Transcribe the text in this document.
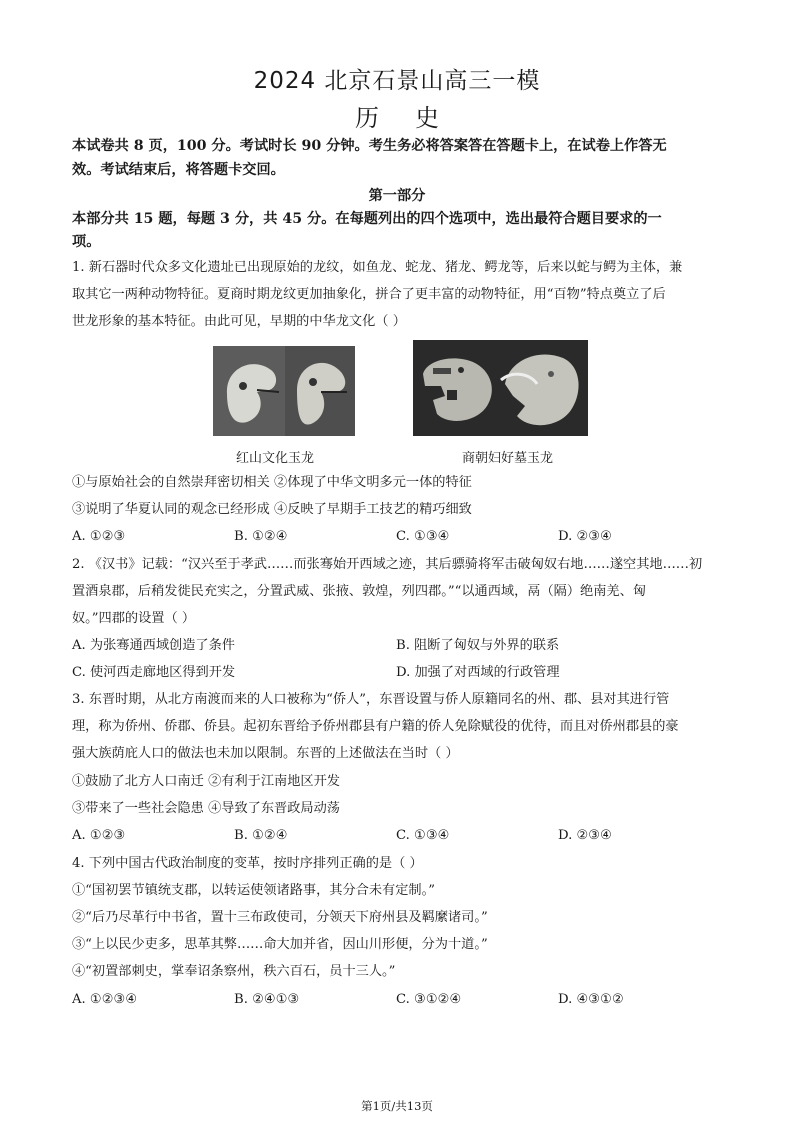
2024 北京石景山高三一模
历史
本试卷共 8 页，100 分。考试时长 90 分钟。考生务必将答案答在答题卡上，在试卷上作答无
效。考试结束后，将答题卡交回。
第一部分
本部分共 15 题，每题 3 分，共 45 分。在每题列出的四个选项中，选出最符合题目要求的一
项。
1. 新石器时代众多文化遗址已出现原始的龙纹，如鱼龙、蛇龙、猪龙、鳄龙等，后来以蛇与鳄为主体，兼
取其它一两种动物特征。夏商时期龙纹更加抽象化，拼合了更丰富的动物特征，用“百物”特点奠立了后
世龙形象的基本特征。由此可见，早期的中华龙文化（ ）
红山文化玉龙	商朝妇好墓玉龙
①与原始社会的自然崇拜密切相关 ②体现了中华文明多元一体的特征
③说明了华夏认同的观念已经形成 ④反映了早期手工技艺的精巧细致
A. ①②③	B. ①②④	C. ①③④	D. ②③④
2. 《汉书》记载：“汉兴至于孝武……而张骞始开西域之迹，其后骠骑将军击破匈奴右地……遂空其地……初
置酒泉郡，后稍发徙民充实之，分置武威、张掖、敦煌，列四郡。”“以通西域，鬲（隔）绝南羌、匈
奴。”四郡的设置（ ）
A. 为张骞通西域创造了条件	B. 阻断了匈奴与外界的联系
C. 使河西走廊地区得到开发	D. 加强了对西域的行政管理
3. 东晋时期，从北方南渡而来的人口被称为“侨人”，东晋设置与侨人原籍同名的州、郡、县对其进行管
理，称为侨州、侨郡、侨县。起初东晋给予侨州郡县有户籍的侨人免除赋役的优待，而且对侨州郡县的豪
强大族荫庇人口的做法也未加以限制。东晋的上述做法在当时（ ）
①鼓励了北方人口南迁 ②有利于江南地区开发
③带来了一些社会隐患 ④导致了东晋政局动荡
A. ①②③	B. ①②④	C. ①③④	D. ②③④
4. 下列中国古代政治制度的变革，按时序排列正确的是（ ）
①“国初罢节镇统支郡，以转运使领诸路事，其分合未有定制。”
②“后乃尽革行中书省，置十三布政使司，分领天下府州县及羁縻诸司。”
③“上以民少吏多，思革其弊……命大加并省，因山川形便，分为十道。”
④“初置部刺史，掌奉诏条察州，秩六百石，员十三人。”
A. ①②③④	B. ②④①③	C. ③①②④	D. ④③①②
第1页/共13页
